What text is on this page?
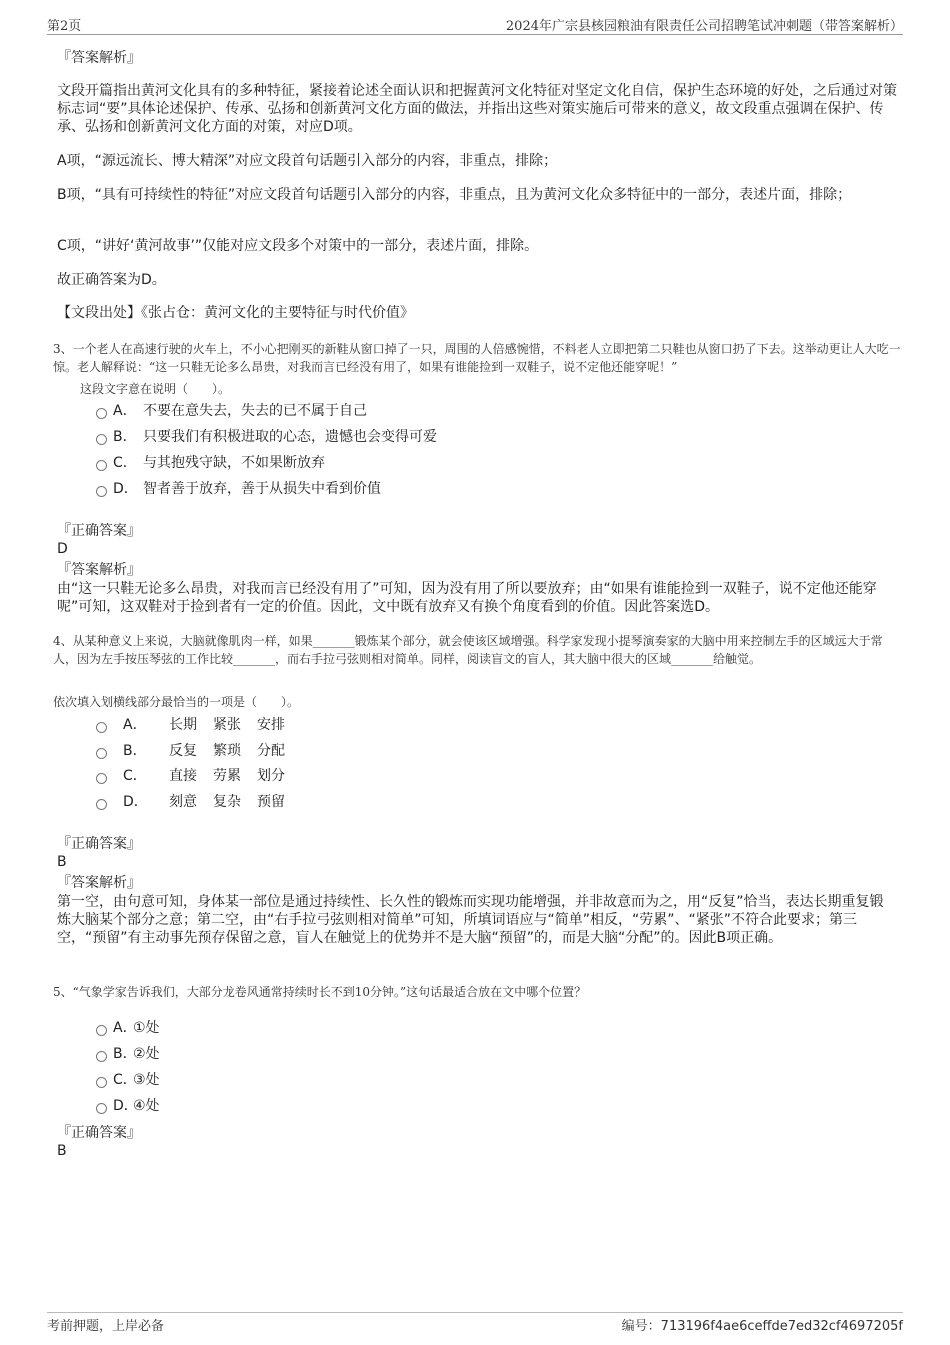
第2页	2024年广宗县核园粮油有限责任公司招聘笔试冲刺题（带答案解析）
『答案解析』
文段开篇指出黄河文化具有的多种特征，紧接着论述全面认识和把握黄河文化特征对坚定文化自信，保护生态环境的好处，之后通过对策标志词“要”具体论述保护、传承、弘扬和创新黄河文化方面的做法，并指出这些对策实施后可带来的意义，故文段重点强调在保护、传承、弘扬和创新黄河文化方面的对策，对应D项。
A项，“源远流长、博大精深”对应文段首句话题引入部分的内容，非重点，排除；
B项，“具有可持续性的特征”对应文段首句话题引入部分的内容，非重点，且为黄河文化众多特征中的一部分，表述片面，排除；
C项，“讲好‘黄河故事’”仅能对应文段多个对策中的一部分，表述片面，排除。
故正确答案为D。
【文段出处】《张占仓：黄河文化的主要特征与时代价值》
3、一个老人在高速行驶的火车上，不小心把刚买的新鞋从窗口掉了一只，周围的人倍感惋惜，不料老人立即把第二只鞋也从窗口扔了下去。这举动更让人大吃一惊。老人解释说：“这一只鞋无论多么昂贵，对我而言已经没有用了，如果有谁能捡到一双鞋子，说不定他还能穿呢！”
这段文字意在说明（　　）。
A． 不要在意失去，失去的已不属于自己
B． 只要我们有积极进取的心态，遗憾也会变得可爱
C． 与其抱残守缺，不如果断放弃
D． 智者善于放弃，善于从损失中看到价值
『正确答案』
D
『答案解析』
由“这一只鞋无论多么昂贵，对我而言已经没有用了”可知，因为没有用了所以要放弃；由“如果有谁能捡到一双鞋子，说不定他还能穿呢”可知，这双鞋对于捡到者有一定的价值。因此，文中既有放弃又有换个角度看到的价值。因此答案选D。
4、从某种意义上来说，大脑就像肌肉一样，如果_______锻炼某个部分，就会使该区域增强。科学家发现小提琴演奏家的大脑中用来控制左手的区域远大于常人，因为左手按压琴弦的工作比较_______，而右手拉弓弦则相对简单。同样，阅读盲文的盲人，其大脑中很大的区域_______给触觉。
依次填入划横线部分最恰当的一项是（　　）。
A． 长期 紧张 安排
B． 反复 繁琐 分配
C． 直接 劳累 划分
D． 刻意 复杂 预留
『正确答案』
B
『答案解析』
第一空，由句意可知，身体某一部位是通过持续性、长久性的锻炼而实现功能增强，并非故意而为之，用“反复”恰当，表达长期重复锻炼大脑某个部分之意；第二空，由“右手拉弓弦则相对简单”可知，所填词语应与“简单”相反，“劳累”、“紧张”不符合此要求；第三空，“预留”有主动事先预存保留之意，盲人在触觉上的优势并不是大脑“预留”的，而是大脑“分配”的。因此B项正确。
5、“气象学家告诉我们，大部分龙卷风通常持续时长不到10分钟。”这句话最适合放在文中哪个位置？
A．①处
B．②处
C．③处
D．④处
『正确答案』
B
考前押题，上岸必备	编号：713196f4ae6ceffde7ed32cf4697205f
